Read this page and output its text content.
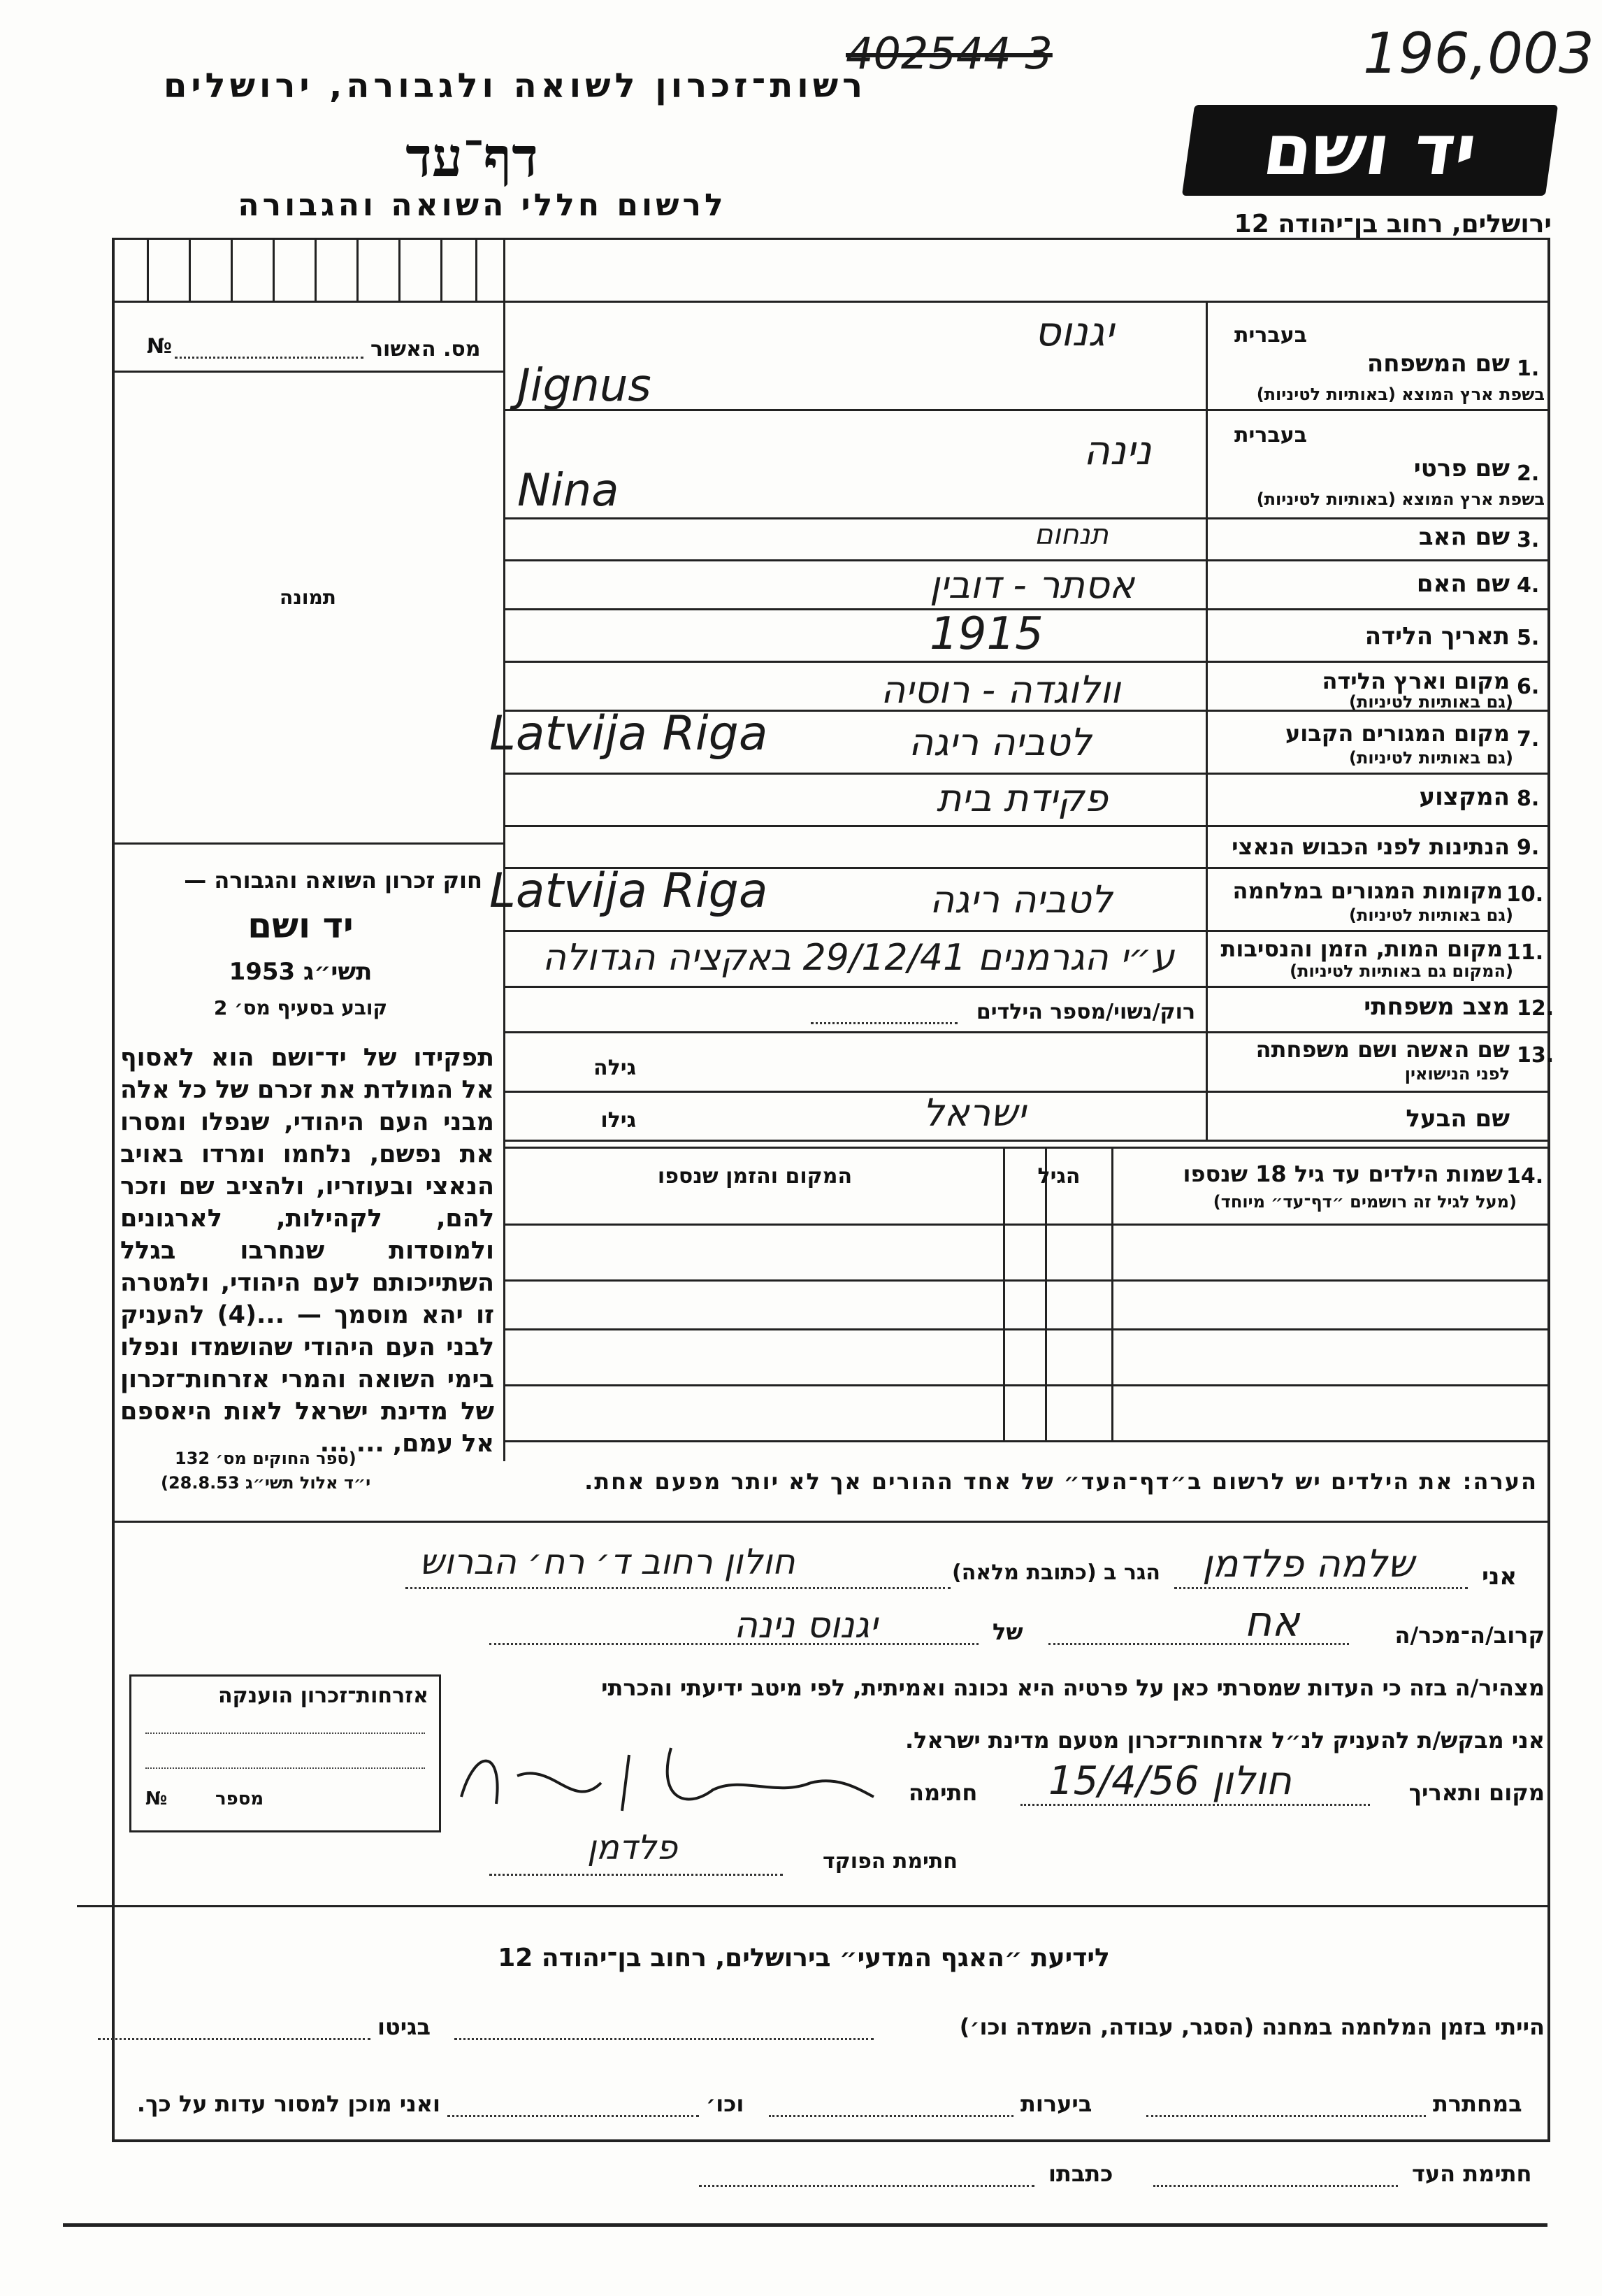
402544 3	196,003
רשות־זכרון לשואה ולגבורה, ירושלים
דף־עד
לרשום חללי השואה והגבורה
יד ושם
ירושלים, רחוב בן־יהודה 12
מס. האשור
№
תמונה
חוק זכרון השואה והגבורה —
יד ושם
תשי״ג 1953
קובע בסעיף מס׳ 2
תפקידו של יד־ושם הוא לאסוף אל המולדת את זכרם של כל אלה מבני העם היהודי, שנפלו ומסרו את נפשם, נלחמו ומרדו באויב הנאצי ובעוזריו, ולהציב שם וזכר להם, לקהילות, לארגונים ולמוסדות שנחרבו בגלל השתייכותם לעם היהודי, ולמטרה זו יהא מוסמך — ...(4) להעניק לבני העם היהודי שהושמדו ונפלו בימי השואה והמרי אזרחות־זכרון של מדינת ישראל לאות היאספם אל עמם, ... ...
(ספר החוקים מס׳ 132
י״ד אלול תשי״ג 28.8.53)
בעברית
1.
שם המשפחה
בשפת ארץ המוצא (באותיות לטיניות)
יגנוס
Jignus
בעברית
2.
שם פרטי
בשפת ארץ המוצא (באותיות לטיניות)
נינה
Nina
3.
שם האב
תנחום
4.
שם האם
אסתר - דובין
5.
תאריך הלידה
1915
6.
מקום וארץ הלידה
(גם באותיות לטיניות)
וולוגדה - רוסיה
7.
מקום המגורים הקבוע
(גם באותיות לטיניות)
Latvija Riga	לטביה ריגה
8.
המקצוע
פקידת בית
9.
הנתינות לפני הכבוש הנאצי
10.
מקומות המגורים במלחמה
(גם באותיות לטיניות)
Latvija Riga	לטביה ריגה
11.
מקום המות, הזמן והנסיבות
(המקום גם באותיות לטיניות)
ע״י הגרמנים 29/12/41 באקציה הגדולה
12.
מצב משפחתי
רוק/נשוי/מספר הילדים
13.
שם האשה ושם משפחתה
לפני הנישואין
גילה
שם הבעל
ישראל
גילו
14.
שמות הילדים עד גיל 18 שנספו
(מעל לגיל זה רושמים ״דף־עד״ מיוחד)
הגיל
המקום והזמן שנספו
הערה: את הילדים יש לרשום ב״דף־העד״ של אחד ההורים אך לא יותר מפעם אחת.
אני
שלמה פלדמן
הגר ב (כתובת מלאה)
חולון רחוב ד׳ רח׳ הברוש
קרוב/ה־מכר/ה
אח
של
יגנוס נינה
מצהיר/ה בזה כי העדות שמסרתי כאן על פרטיה היא נכונה ואמיתית, לפי מיטב ידיעתי והכרתי
אני מבקש/ת להעניק לנ״ל אזרחות־זכרון מטעם מדינת ישראל.
מקום ותאריך
חולון 15/4/56
חתימה
חתימת הפוקד
פלדמן
אזרחות־זכרון הוענקה
מספר
№
לידיעת ״האגף המדעי״ בירושלים, רחוב בן־יהודה 12
הייתי בזמן המלחמה במחנה (הסגר, עבודה, השמדה וכו׳)
בגיטו
במחתרת
ביערות
וכו׳
ואני מוכן למסור עדות על כך.
חתימת העד
כתבתו
